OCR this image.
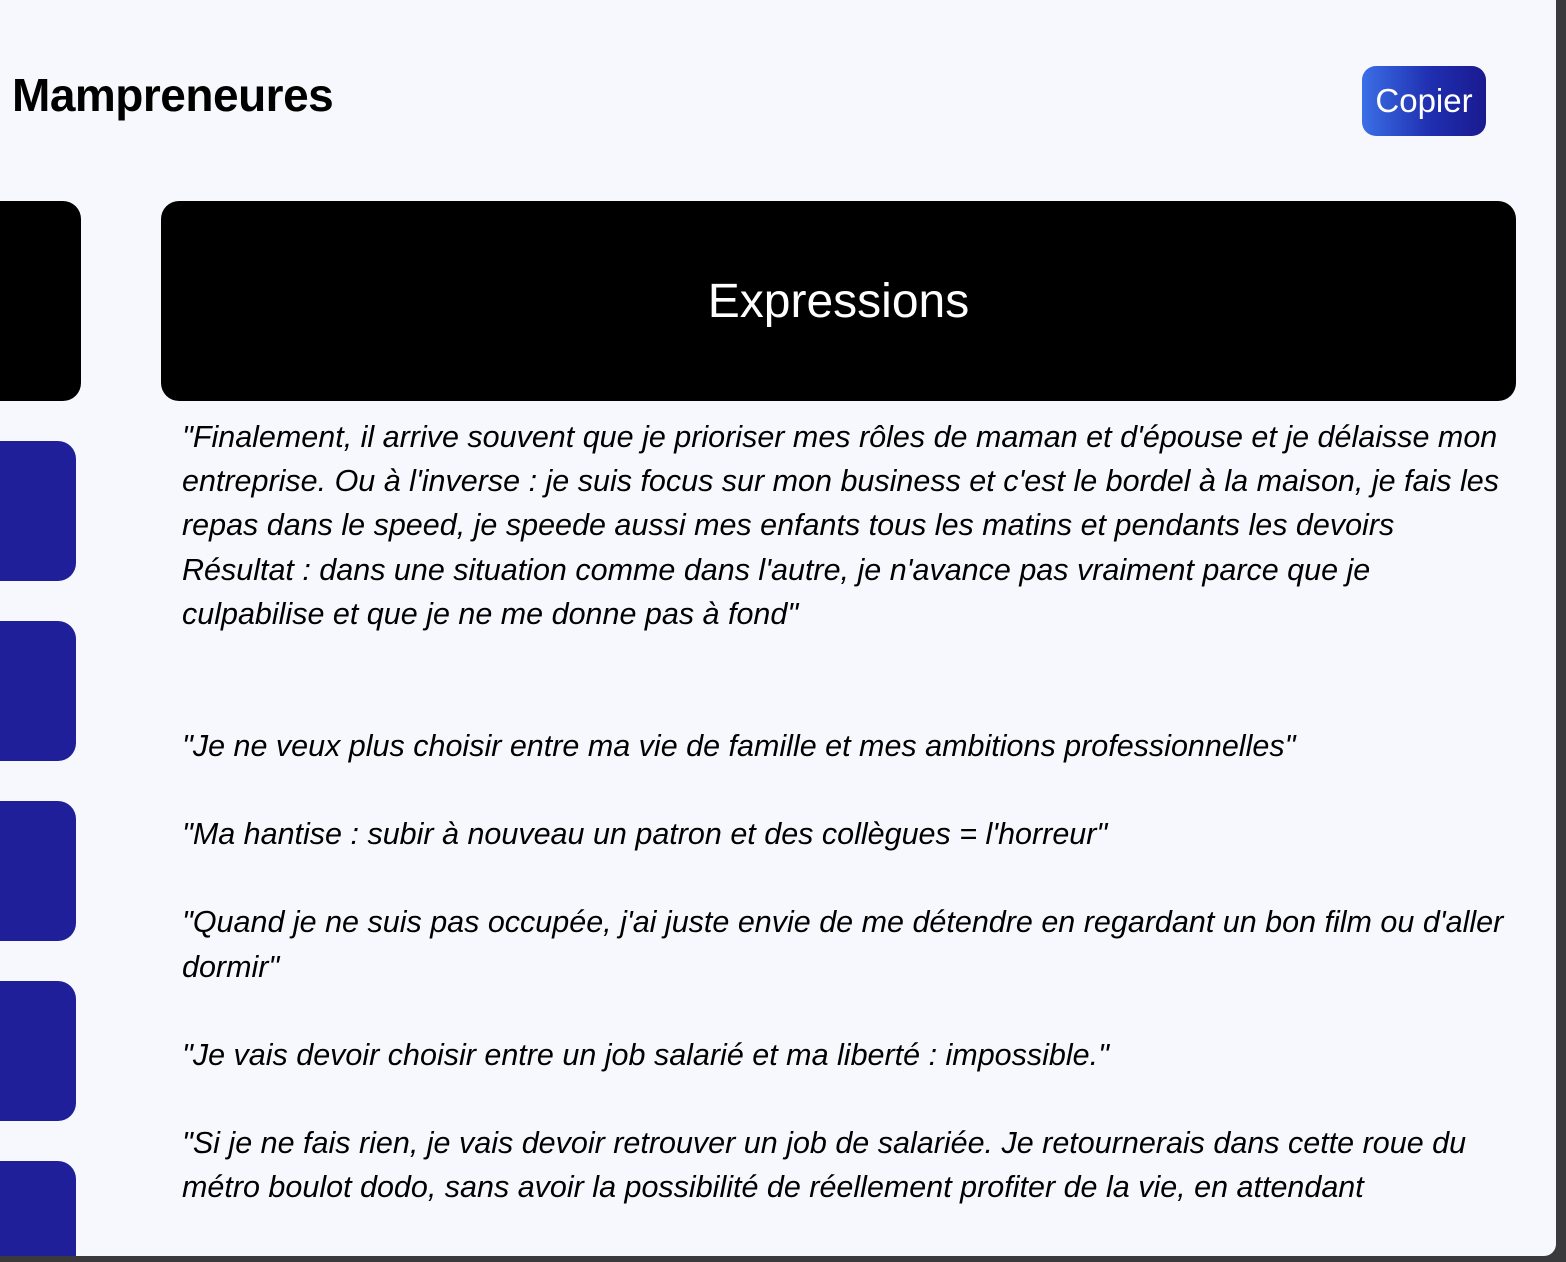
Mampreneures	Copier
Expressions

"Finalement, il arrive souvent que je prioriser mes rôles de maman et d'épouse et je délaisse mon entreprise. Ou à l'inverse : je suis focus sur mon business et c'est le bordel à la maison, je fais les repas dans le speed, je speede aussi mes enfants tous les matins et pendants les devoirs
Résultat : dans une situation comme dans l'autre, je n'avance pas vraiment parce que je culpabilise et que je ne me donne pas à fond"

"Je ne veux plus choisir entre ma vie de famille et mes ambitions professionnelles"

"Ma hantise : subir à nouveau un patron et des collègues = l'horreur"

"Quand je ne suis pas occupée, j'ai juste envie de me détendre en regardant un bon film ou d'aller dormir"

"Je vais devoir choisir entre un job salarié et ma liberté : impossible."

"Si je ne fais rien, je vais devoir retrouver un job de salariée. Je retournerais dans cette roue du métro boulot dodo, sans avoir la possibilité de réellement profiter de la vie, en attendant
